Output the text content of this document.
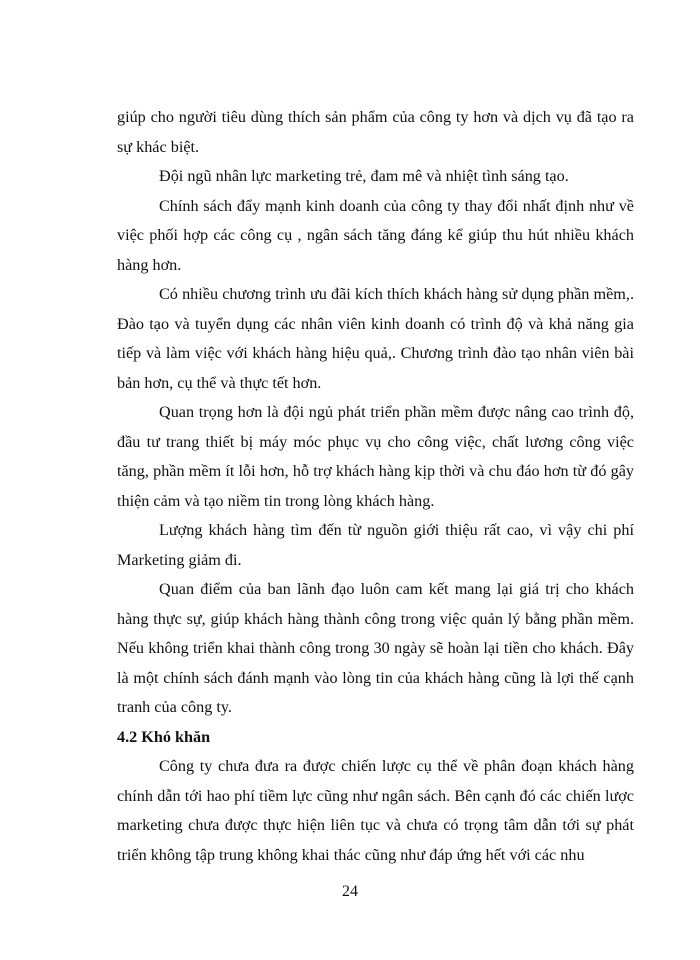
giúp cho người tiêu dùng thích sản phẩm của công ty hơn và dịch vụ đã tạo ra sự khác biệt.

Đội ngũ nhân lực marketing trẻ, đam mê và nhiệt tình sáng tạo.

Chính sách đẩy mạnh kinh doanh của công ty thay đổi nhất định như về việc phối hợp các công cụ , ngân sách tăng đáng kể giúp thu hút nhiều khách hàng hơn.

Có nhiều chương trình ưu đãi kích thích khách hàng sử dụng phần mềm,. Đào tạo và tuyển dụng các nhân viên kinh doanh có trình độ và khả năng gia tiếp và làm việc với khách hàng hiệu quả,. Chương trình đào tạo nhân viên bài bản hơn, cụ thể và thực tết hơn.

Quan trọng hơn là đội ngủ phát triển phần mềm được nâng cao trình độ, đầu tư trang thiết bị máy móc phục vụ cho công việc, chất lương công việc tăng, phần mềm ít lỗi hơn, hỗ trợ khách hàng kịp thời và chu đáo hơn từ đó gây thiện cảm và tạo niềm tin trong lòng khách hàng.

Lượng khách hàng tìm đến từ nguồn giới thiệu rất cao, vì vậy chi phí Marketing giảm đi.

Quan điểm của ban lãnh đạo luôn cam kết mang lại giá trị cho khách hàng thực sự, giúp khách hàng thành công trong việc quản lý bằng phần mềm. Nếu không triển khai thành công trong 30 ngày sẽ hoàn lại tiền cho khách. Đây là một chính sách đánh mạnh vào lòng tin của khách hàng cũng là lợi thế cạnh tranh của công ty.

4.2 Khó khăn

Công ty chưa đưa ra được chiến lược cụ thể về phân đoạn khách hàng chính dẫn tới hao phí tiềm lực cũng như ngân sách. Bên cạnh đó các chiến lược marketing chưa được thực hiện liên tục và chưa có trọng tâm dẫn tới sự phát triển không tập trung không khai thác cũng như đáp ứng hết với các nhu

24
